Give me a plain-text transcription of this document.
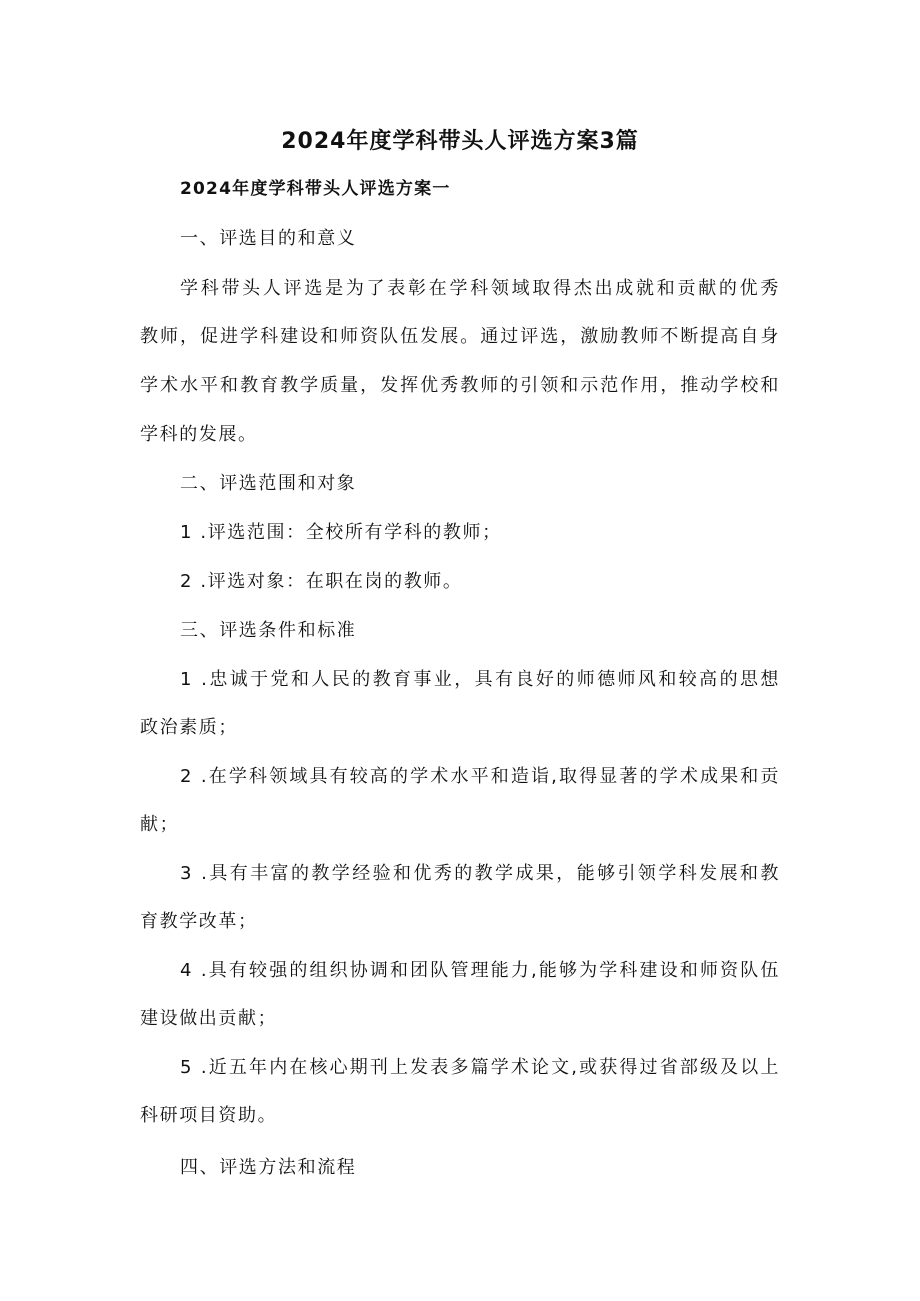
2024年度学科带头人评选方案3篇

2024年度学科带头人评选方案一

一、评选目的和意义

学科带头人评选是为了表彰在学科领域取得杰出成就和贡献的优秀

教师，促进学科建设和师资队伍发展。通过评选，激励教师不断提高自身

学术水平和教育教学质量，发挥优秀教师的引领和示范作用，推动学校和

学科的发展。

二、评选范围和对象

1 .评选范围：全校所有学科的教师；

2 .评选对象：在职在岗的教师。

三、评选条件和标准

1 .忠诚于党和人民的教育事业，具有良好的师德师风和较高的思想

政治素质；

2 .在学科领域具有较高的学术水平和造诣,取得显著的学术成果和贡

献；

3 .具有丰富的教学经验和优秀的教学成果，能够引领学科发展和教

育教学改革；

4 .具有较强的组织协调和团队管理能力,能够为学科建设和师资队伍

建设做出贡献；

5 .近五年内在核心期刊上发表多篇学术论文,或获得过省部级及以上

科研项目资助。

四、评选方法和流程
